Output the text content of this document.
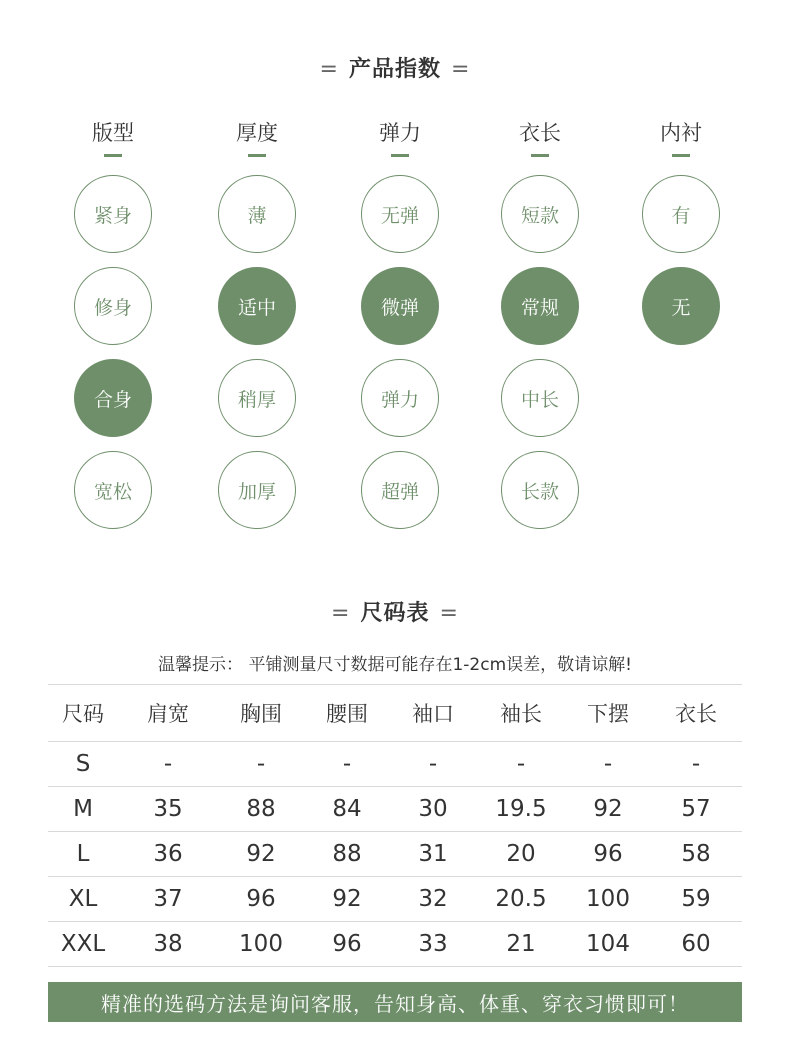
= 产品指数 =
版型
紧身
修身
合身
宽松
厚度
薄
适中
稍厚
加厚
弹力
无弹
微弹
弹力
超弹
衣长
短款
常规
中长
长款
内衬
有
无
= 尺码表 =
温馨提示： 平铺测量尺寸数据可能存在1-2cm误差，敬请谅解!
尺码	肩宽	胸围	腰围	袖口	袖长	下摆	衣长
S	-	-	-	-	-	-	-
M	35	88	84	30	19.5	92	57
L	36	92	88	31	20	96	58
XL	37	96	92	32	20.5	100	59
XXL	38	100	96	33	21	104	60
精准的选码方法是询问客服，告知身高、体重、穿衣习惯即可！
